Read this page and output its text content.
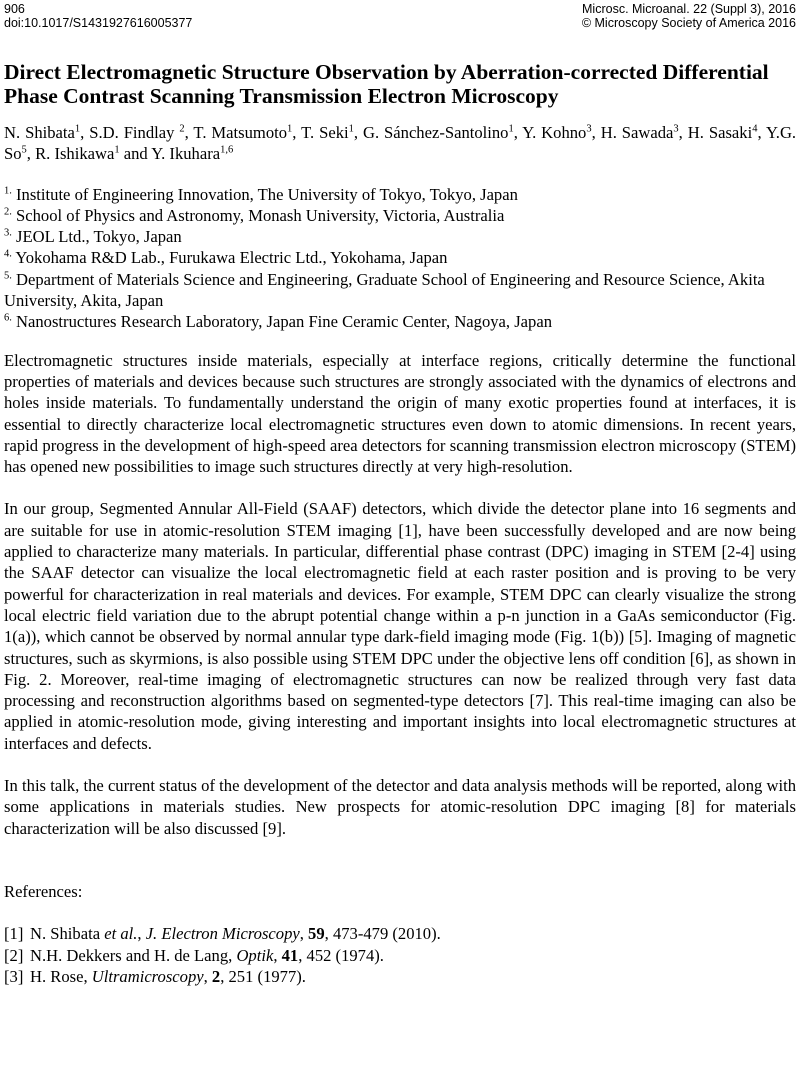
906
doi:10.1017/S1431927616005377
Microsc. Microanal. 22 (Suppl 3), 2016
© Microscopy Society of America 2016
Direct Electromagnetic Structure Observation by Aberration-corrected Differential Phase Contrast Scanning Transmission Electron Microscopy
N. Shibata$^1$, S.D. Findlay $^2$, T. Matsumoto$^1$, T. Seki$^1$, G. Sánchez-Santolino$^1$, Y. Kohno$^3$, H. Sawada$^3$, H. Sasaki$^4$, Y.G. So$^5$, R. Ishikawa$^1$ and Y. Ikuhara$^{1,6}$

$^{1.}$ Institute of Engineering Innovation, The University of Tokyo, Tokyo, Japan

$^{2.}$ School of Physics and Astronomy, Monash University, Victoria, Australia

$^{3.}$ JEOL Ltd., Tokyo, Japan

$^{4.}$ Yokohama R&D Lab., Furukawa Electric Ltd., Yokohama, Japan

$^{5.}$ Department of Materials Science and Engineering, Graduate School of Engineering and Resource Science, Akita University, Akita, Japan

$^{6.}$ Nanostructures Research Laboratory, Japan Fine Ceramic Center, Nagoya, Japan

Electromagnetic structures inside materials, especially at interface regions, critically determine the functional properties of materials and devices because such structures are strongly associated with the dynamics of electrons and holes inside materials. To fundamentally understand the origin of many exotic properties found at interfaces, it is essential to directly characterize local electromagnetic structures even down to atomic dimensions. In recent years, rapid progress in the development of high-speed area detectors for scanning transmission electron microscopy (STEM) has opened new possibilities to image such structures directly at very high-resolution.

In our group, Segmented Annular All-Field (SAAF) detectors, which divide the detector plane into 16 segments and are suitable for use in atomic-resolution STEM imaging [1], have been successfully developed and are now being applied to characterize many materials. In particular, differential phase contrast (DPC) imaging in STEM [2-4] using the SAAF detector can visualize the local electromagnetic field at each raster position and is proving to be very powerful for characterization in real materials and devices. For example, STEM DPC can clearly visualize the strong local electric field variation due to the abrupt potential change within a p-n junction in a GaAs semiconductor (Fig. 1(a)), which cannot be observed by normal annular type dark-field imaging mode (Fig. 1(b)) [5]. Imaging of magnetic structures, such as skyrmions, is also possible using STEM DPC under the objective lens off condition [6], as shown in Fig. 2. Moreover, real-time imaging of electromagnetic structures can now be realized through very fast data processing and reconstruction algorithms based on segmented-type detectors [7]. This real-time imaging can also be applied in atomic-resolution mode, giving interesting and important insights into local electromagnetic structures at interfaces and defects.

In this talk, the current status of the development of the detector and data analysis methods will be reported, along with some applications in materials studies. New prospects for atomic-resolution DPC imaging [8] for materials characterization will be also discussed [9].

References:

[1] N. Shibata et al., J. Electron Microscopy, 59, 473-479 (2010).

[2] N.H. Dekkers and H. de Lang, Optik, 41, 452 (1974).

[3] H. Rose, Ultramicroscopy, 2, 251 (1977).
